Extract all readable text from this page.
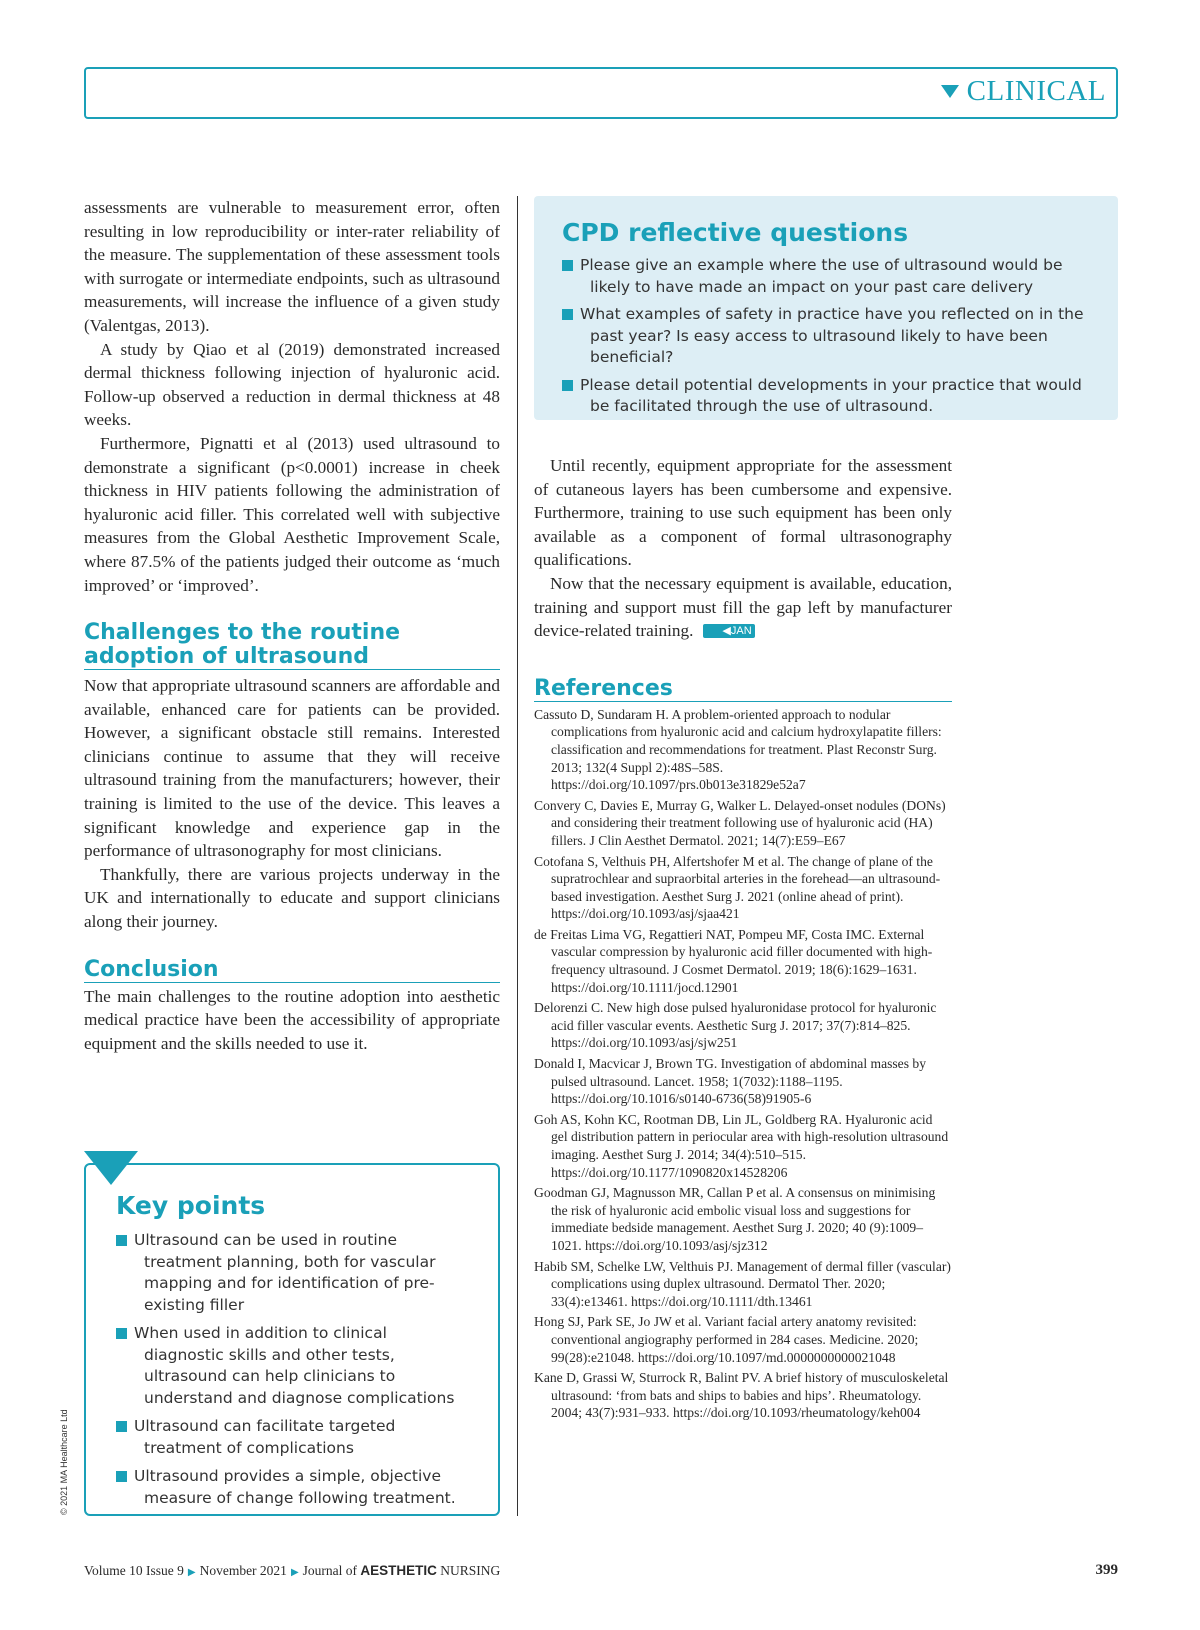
CLINICAL

assessments are vulnerable to measurement error, often resulting in low reproducibility or inter-rater reliability of the measure. The supplementation of these assessment tools with surrogate or intermediate endpoints, such as ultrasound measurements, will increase the influence of a given study (Valentgas, 2013).

A study by Qiao et al (2019) demonstrated increased dermal thickness following injection of hyaluronic acid. Follow-up observed a reduction in dermal thickness at 48 weeks.

Furthermore, Pignatti et al (2013) used ultrasound to demonstrate a significant (p<0.0001) increase in cheek thickness in HIV patients following the administration of hyaluronic acid filler. This correlated well with subjective measures from the Global Aesthetic Improvement Scale, where 87.5% of the patients judged their outcome as ‘much improved’ or ‘improved’.

Challenges to the routine adoption of ultrasound

Now that appropriate ultrasound scanners are affordable and available, enhanced care for patients can be provided. However, a significant obstacle still remains. Interested clinicians continue to assume that they will receive ultrasound training from the manufacturers; however, their training is limited to the use of the device. This leaves a significant knowledge and experience gap in the performance of ultrasonography for most clinicians.

Thankfully, there are various projects underway in the UK and internationally to educate and support clinicians along their journey.

Conclusion

The main challenges to the routine adoption into aesthetic medical practice have been the accessibility of appropriate equipment and the skills needed to use it.

Key points
Ultrasound can be used in routine treatment planning, both for vascular mapping and for identification of pre-existing filler
When used in addition to clinical diagnostic skills and other tests, ultrasound can help clinicians to understand and diagnose complications
Ultrasound can facilitate targeted treatment of complications
Ultrasound provides a simple, objective measure of change following treatment.
CPD reflective questions
Please give an example where the use of ultrasound would be likely to have made an impact on your past care delivery
What examples of safety in practice have you reflected on in the past year? Is easy access to ultrasound likely to have been beneficial?
Please detail potential developments in your practice that would be facilitated through the use of ultrasound.

Until recently, equipment appropriate for the assessment of cutaneous layers has been cumbersome and expensive. Furthermore, training to use such equipment has been only available as a component of formal ultrasonography qualifications.

Now that the necessary equipment is available, education, training and support must fill the gap left by manufacturer device-related training.	◀JAN

References

Cassuto D, Sundaram H. A problem-oriented approach to nodular complications from hyaluronic acid and calcium hydroxylapatite fillers: classification and recommendations for treatment. Plast Reconstr Surg. 2013; 132(4 Suppl 2):48S–58S. https://doi.org/10.1097/prs.0b013e31829e52a7

Convery C, Davies E, Murray G, Walker L. Delayed-onset nodules (DONs) and considering their treatment following use of hyaluronic acid (HA) fillers. J Clin Aesthet Dermatol. 2021; 14(7):E59–E67

Cotofana S, Velthuis PH, Alfertshofer M et al. The change of plane of the supratrochlear and supraorbital arteries in the forehead—an ultrasound-based investigation. Aesthet Surg J. 2021 (online ahead of print). https://doi.org/10.1093/asj/sjaa421

de Freitas Lima VG, Regattieri NAT, Pompeu MF, Costa IMC. External vascular compression by hyaluronic acid filler documented with high-frequency ultrasound. J Cosmet Dermatol. 2019; 18(6):1629–1631. https://doi.org/10.1111/jocd.12901

Delorenzi C. New high dose pulsed hyaluronidase protocol for hyaluronic acid filler vascular events. Aesthetic Surg J. 2017; 37(7):814–825. https://doi.org/10.1093/asj/sjw251

Donald I, Macvicar J, Brown TG. Investigation of abdominal masses by pulsed ultrasound. Lancet. 1958; 1(7032):1188–1195. https://doi.org/10.1016/s0140-6736(58)91905-6

Goh AS, Kohn KC, Rootman DB, Lin JL, Goldberg RA. Hyaluronic acid gel distribution pattern in periocular area with high-resolution ultrasound imaging. Aesthet Surg J. 2014; 34(4):510–515. https://doi.org/10.1177/1090820x14528206

Goodman GJ, Magnusson MR, Callan P et al. A consensus on minimising the risk of hyaluronic acid embolic visual loss and suggestions for immediate bedside management. Aesthet Surg J. 2020; 40 (9):1009–1021. https://doi.org/10.1093/asj/sjz312

Habib SM, Schelke LW, Velthuis PJ. Management of dermal filler (vascular) complications using duplex ultrasound. Dermatol Ther. 2020; 33(4):e13461. https://doi.org/10.1111/dth.13461

Hong SJ, Park SE, Jo JW et al. Variant facial artery anatomy revisited: conventional angiography performed in 284 cases. Medicine. 2020; 99(28):e21048. https://doi.org/10.1097/md.0000000000021048

Kane D, Grassi W, Sturrock R, Balint PV. A brief history of musculoskeletal ultrasound: ‘from bats and ships to babies and hips’. Rheumatology. 2004; 43(7):931–933. https://doi.org/10.1093/rheumatology/keh004

© 2021 MA Healthcare Ltd
Volume 10 Issue 9 ▶ November 2021 ▶ Journal of AESTHETIC NURSING	399
